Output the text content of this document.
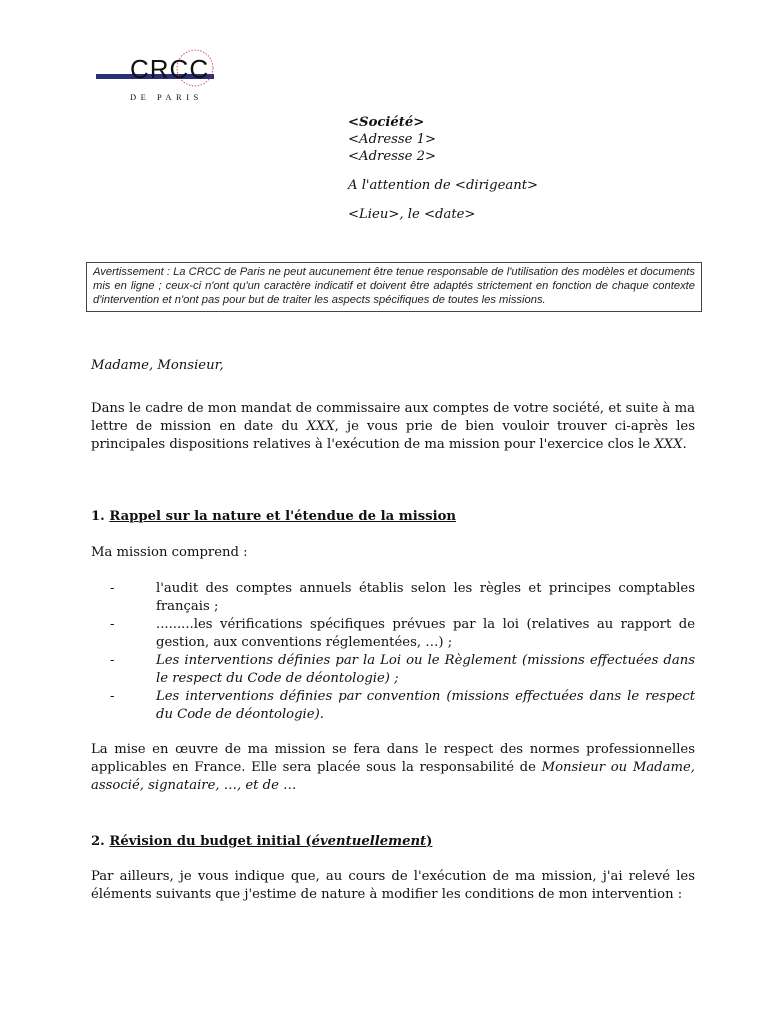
CRCC
DE PARIS
<Société>
<Adresse 1>
<Adresse 2>
A l'attention de <dirigeant>
<Lieu>, le <date>
Avertissement : La CRCC de Paris ne peut aucunement être tenue responsable de l'utilisation des modèles et documents mis en ligne ; ceux-ci n'ont qu'un caractère indicatif et doivent être adaptés strictement en fonction de chaque contexte d'intervention et n'ont pas pour but de traiter les aspects spécifiques de toutes les missions.
Madame, Monsieur,
Dans le cadre de mon mandat de commissaire aux comptes de votre société, et suite à ma lettre de mission en date du XXX, je vous prie de bien vouloir trouver ci-après les principales dispositions relatives à l'exécution de ma mission pour l'exercice clos le XXX.
1. Rappel sur la nature et l'étendue de la mission
Ma mission comprend :
-	l'audit des comptes annuels établis selon les règles et principes comptables français ;
-	.........les vérifications spécifiques prévues par la loi (relatives au rapport de gestion, aux conventions réglementées, …) ;
-	Les interventions définies par la Loi ou le Règlement (missions effectuées dans le respect du Code de déontologie) ;
-	Les interventions définies par convention (missions effectuées dans le respect du Code de déontologie).
La mise en œuvre de ma mission se fera dans le respect des normes professionnelles applicables en France. Elle sera placée sous la responsabilité de Monsieur ou Madame, associé, signataire, …, et de …
2. Révision du budget initial (éventuellement)
Par ailleurs, je vous indique que, au cours de l'exécution de ma mission, j'ai relevé les éléments suivants que j'estime de nature à modifier les conditions de mon intervention :
